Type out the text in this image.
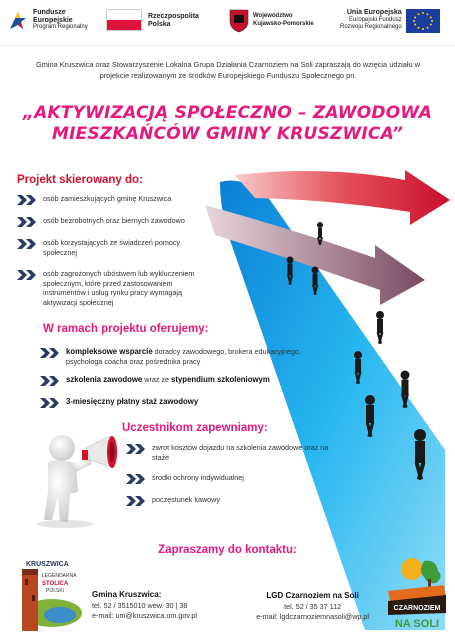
Fundusze
Europejskie
Program Regionalny
Rzeczpospolita
Polska
Województwo
Kujawsko-Pomorskie
Unia Europejska
Europejski Fundusz
Rozwoju Regionalnego
Gmina Kruszwica oraz Stowarzyszenie Lokalna Grupa Działania Czarnoziem na Soli zapraszają do wzięcia udziału w projekcie realizowanym ze środków Europejskiego Funduszu Społecznego pn.
„AKTYWIZACJĄ SPOŁECZNO – ZAWODOWA
MIESZKAŃCÓW GMINY KRUSZWICA”
Projekt skierowany do:
osób zamieszkujących gminę Kruszwica
osób bezrobotnych oraz biernych zawodowo
osób korzystających ze świadczeń pomocy społecznej
osób zagrożonych ubóstwem lub wykluczeniem społecznym, które przed zastosowaniem instrumentów i usług rynku pracy wymagają aktywizacji społecznej
W ramach projektu oferujemy:
kompleksowe wsparcie doradcy zawodowego, brokera edukacyjnego, psychologa coacha oraz pośrednika pracy
szkolenia zawodowe wraz ze stypendium szkoleniowym
3-miesięczny płatny staż zawodowy
Uczestnikom zapewniamy:
zwrot kosztów dojazdu na szkolenia zawodowe oraz na staże
środki ochrony indywidualnej
poczęstunek kawowy
Zapraszamy do kontaktu:
KRUSZWICA
LEGENDARNA
STOLICA
POLSKI	Gmina Kruszwica:
tel. 52 / 3515010 wew. 30 | 38
e-mail: um@kruszwica.um.gov.pl
LGD Czarnoziem na Soli
tel. 52 / 35 37 112
e-mail: lgdczarnoziemnasoli@wp.pl
CZARNOZIEM
NA SOLI
